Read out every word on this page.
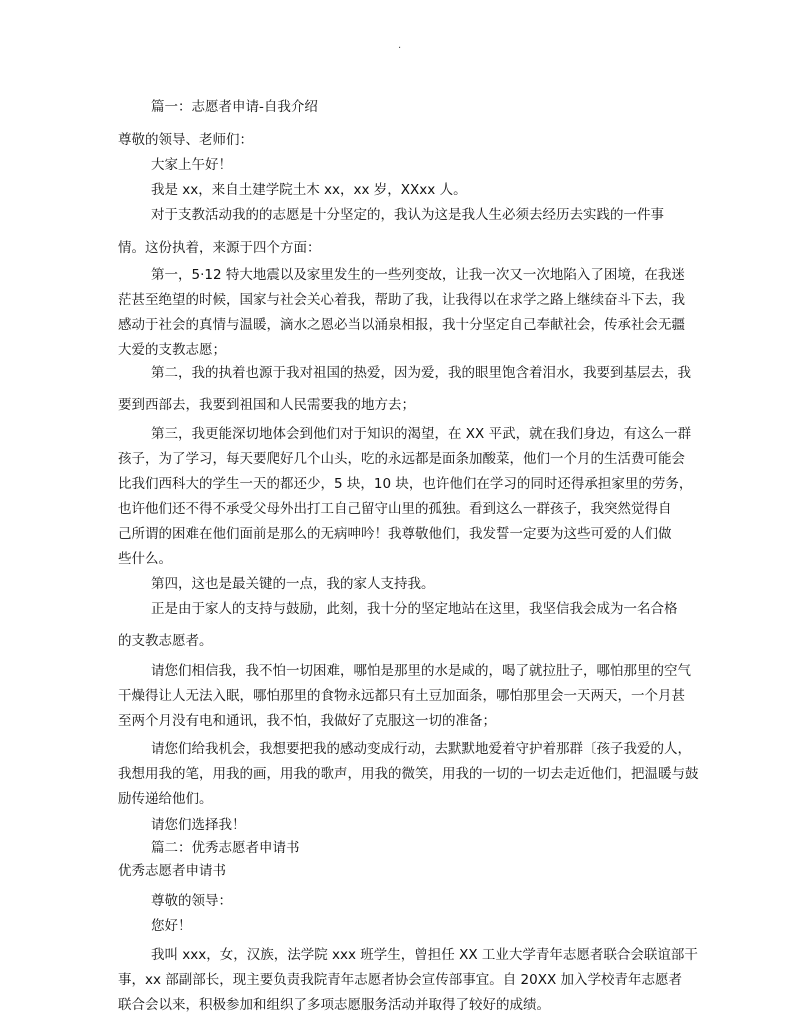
.
篇一：志愿者申请-自我介绍
尊敬的领导、老师们：
大家上午好！
我是 xx，来自土建学院土木 xx，xx 岁，XXxx 人。
对于支教活动我的的志愿是十分坚定的，我认为这是我人生必须去经历去实践的一件事
情。这份执着，来源于四个方面：
第一，5·12 特大地震以及家里发生的一些列变故，让我一次又一次地陷入了困境，在我迷
茫甚至绝望的时候，国家与社会关心着我，帮助了我，让我得以在求学之路上继续奋斗下去，我
感动于社会的真情与温暖，滴水之恩必当以涌泉相报，我十分坚定自己奉献社会，传承社会无疆
大爱的支教志愿；
第二，我的执着也源于我对祖国的热爱，因为爱，我的眼里饱含着泪水，我要到基层去，我
要到西部去，我要到祖国和人民需要我的地方去；
第三，我更能深切地体会到他们对于知识的渴望，在 XX 平武，就在我们身边，有这么一群
孩子，为了学习，每天要爬好几个山头，吃的永远都是面条加酸菜，他们一个月的生活费可能会
比我们西科大的学生一天的都还少，5 块，10 块，也许他们在学习的同时还得承担家里的劳务，
也许他们还不得不承受父母外出打工自己留守山里的孤独。看到这么一群孩子，我突然觉得自
己所谓的困难在他们面前是那么的无病呻吟！我尊敬他们，我发誓一定要为这些可爱的人们做
些什么。
第四，这也是最关键的一点，我的家人支持我。
正是由于家人的支持与鼓励，此刻，我十分的坚定地站在这里，我坚信我会成为一名合格
的支教志愿者。
请您们相信我，我不怕一切困难，哪怕是那里的水是咸的，喝了就拉肚子，哪怕那里的空气
干燥得让人无法入眠，哪怕那里的食物永远都只有土豆加面条，哪怕那里会一天两天，一个月甚
至两个月没有电和通讯，我不怕，我做好了克服这一切的准备；
请您们给我机会，我想要把我的感动变成行动，去默默地爱着守护着那群〔孩子我爱的人，
我想用我的笔，用我的画，用我的歌声，用我的微笑，用我的一切的一切去走近他们，把温暖与鼓
励传递给他们。
请您们选择我！
篇二：优秀志愿者申请书
优秀志愿者申请书
尊敬的领导：
您好！
我叫 xxx，女，汉族，法学院 xxx 班学生，曾担任 XX 工业大学青年志愿者联合会联谊部干
事，xx 部副部长，现主要负责我院青年志愿者协会宣传部事宜。自 20XX 加入学校青年志愿者
联合会以来，积极参加和组织了多项志愿服务活动并取得了较好的成绩。
